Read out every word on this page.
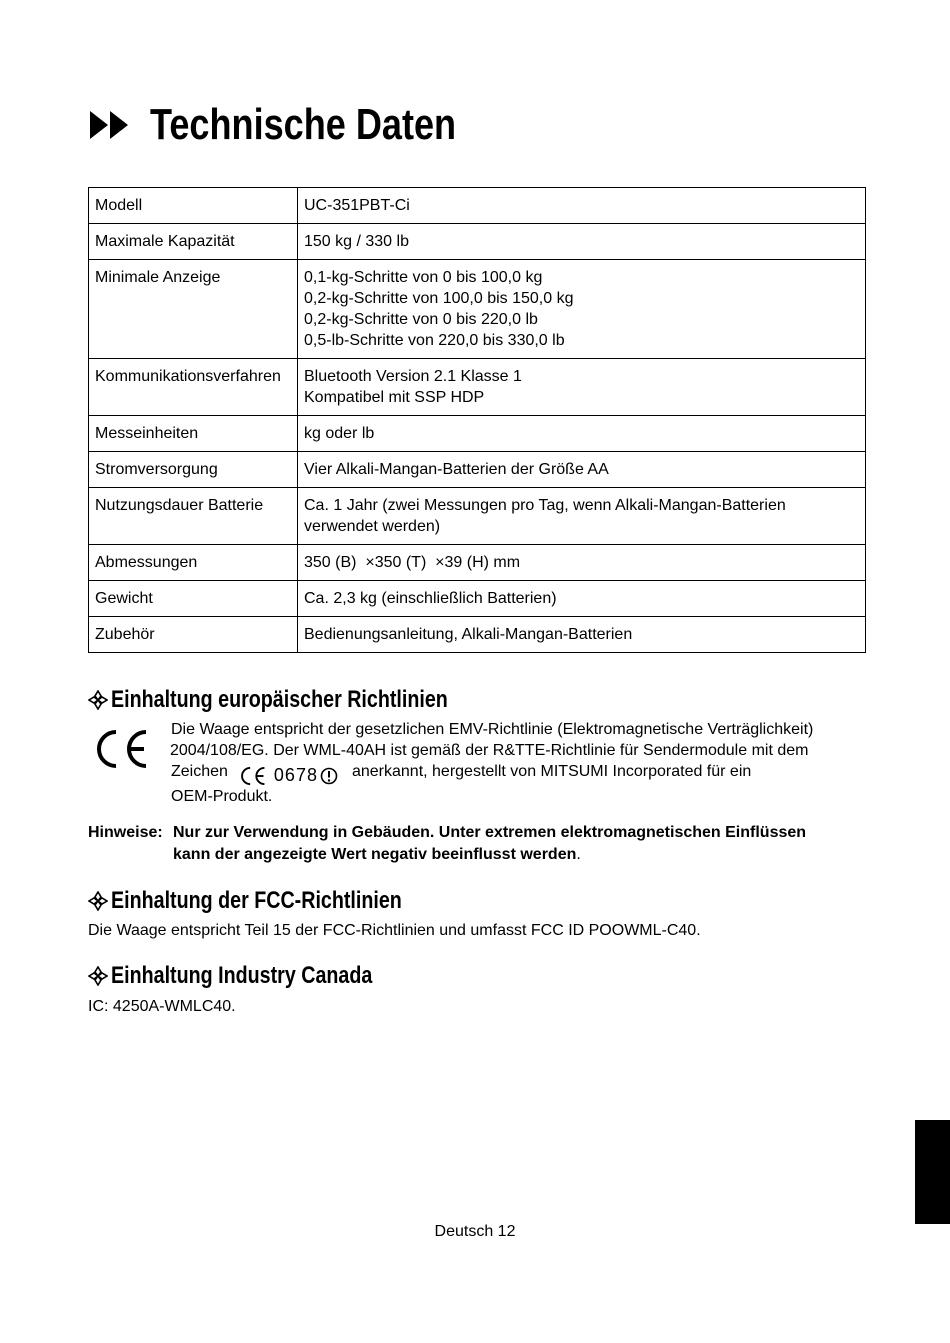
Technische Daten
Modell	UC-351PBT-Ci

Maximale Kapazität	150 kg / 330 lb

Minimale Anzeige	0,1-kg-Schritte von 0 bis 100,0 kg
0,2-kg-Schritte von 100,0 bis 150,0 kg
0,2-kg-Schritte von 0 bis 220,0 lb
0,5-lb-Schritte von 220,0 bis 330,0 lb

Kommunikationsverfahren	Bluetooth Version 2.1 Klasse 1
Kompatibel mit SSP HDP

Messeinheiten	kg oder lb

Stromversorgung	Vier Alkali-Mangan-Batterien der Größe AA

Nutzungsdauer Batterie	Ca. 1 Jahr (zwei Messungen pro Tag, wenn Alkali-Mangan-Batterien
verwendet werden)

Abmessungen	350 (B)  ×350 (T)  ×39 (H) mm

Gewicht	Ca. 2,3 kg (einschließlich Batterien)

Zubehör	Bedienungsanleitung, Alkali-Mangan-Batterien
Einhaltung europäischer Richtlinien
Die Waage entspricht der gesetzlichen EMV-Richtlinie (Elektromagnetische Verträglichkeit)
2004/108/EG. Der WML-40AH ist gemäß der R&TTE-Richtlinie für Sendermodule mit dem
Zeichen	0678 anerkannt, hergestellt von MITSUMI Incorporated für ein
OEM-Produkt.
Hinweise: Nur zur Verwendung in Gebäuden. Unter extremen elektromagnetischen Einflüssen
kann der angezeigte Wert negativ beeinflusst werden.
Einhaltung der FCC-Richtlinien
Die Waage entspricht Teil 15 der FCC-Richtlinien und umfasst FCC ID POOWML-C40.
Einhaltung Industry Canada
IC: 4250A-WMLC40.
Deutsch 12
